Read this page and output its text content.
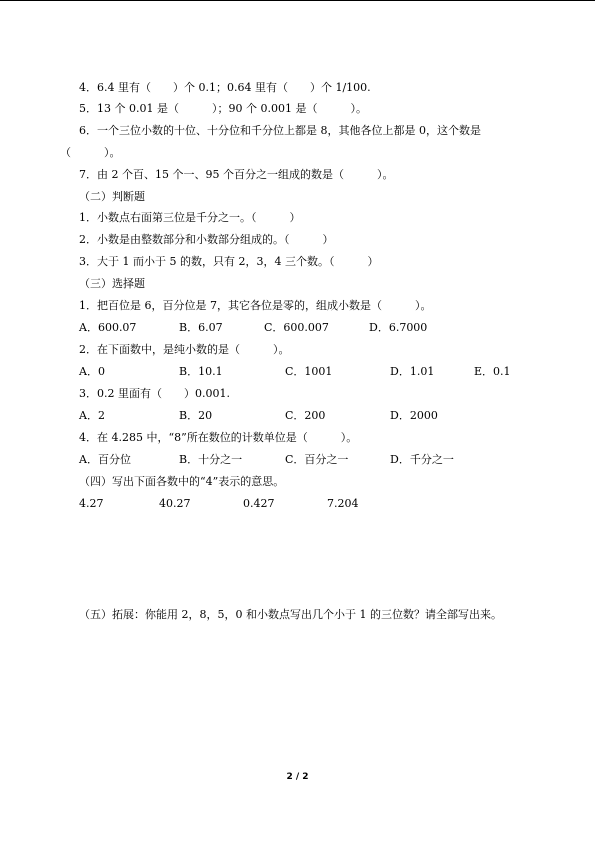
4．6.4 里有（　　）个 0.1；0.64 里有（　　）个 1/100.
5．13 个 0.01 是（　　　）；90 个 0.001 是（　　　）。
6．一个三位小数的十位、十分位和千分位上都是 8，其他各位上都是 0，这个数是
（　　　）。
7．由 2 个百、15 个一、95 个百分之一组成的数是（　　　）。
（二）判断题
1．小数点右面第三位是千分之一。（　　　）
2．小数是由整数部分和小数部分组成的。（　　　）
3．大于 1 而小于 5 的数，只有 2，3，4 三个数。（　　　）
（三）选择题
1．把百位是 6，百分位是 7，其它各位是零的，组成小数是（　　　）。
A．600.07	B．6.07	C．600.007	D．6.7000
2．在下面数中，是纯小数的是（　　　）。
A．0	B．10.1	C．1001	D．1.01	E．0.1
3．0.2 里面有（　　）0.001.
A．2	B．20	C．200	D．2000
4．在 4.285 中，“8”所在数位的计数单位是（　　　）。
A．百分位	B．十分之一	C．百分之一	D．千分之一
（四）写出下面各数中的“4”表示的意思。
4.27	40.27	0.427	7.204
（五）拓展：你能用 2，8，5，0 和小数点写出几个小于 1 的三位数？请全部写出来。
2 / 2
